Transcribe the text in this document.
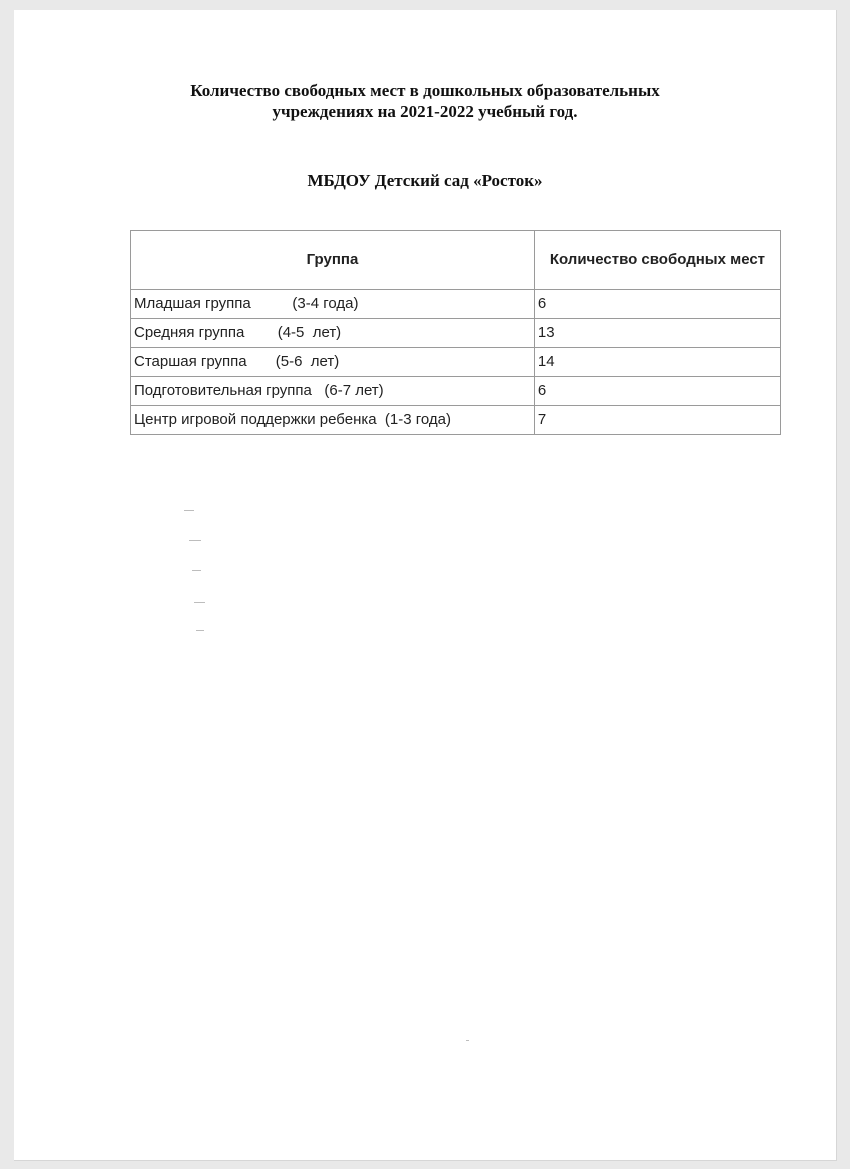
Количество свободных мест в дошкольных образовательных
учреждениях на 2021-2022 учебный год.
МБДОУ Детский сад «Росток»
Группа	Количество свободных мест
Младшая группа          (3-4 года)	6
Средняя группа        (4-5  лет)	13
Старшая группа       (5-6  лет)	14
Подготовительная группа   (6-7 лет)	6
Центр игровой поддержки ребенка  (1-3 года)	7
